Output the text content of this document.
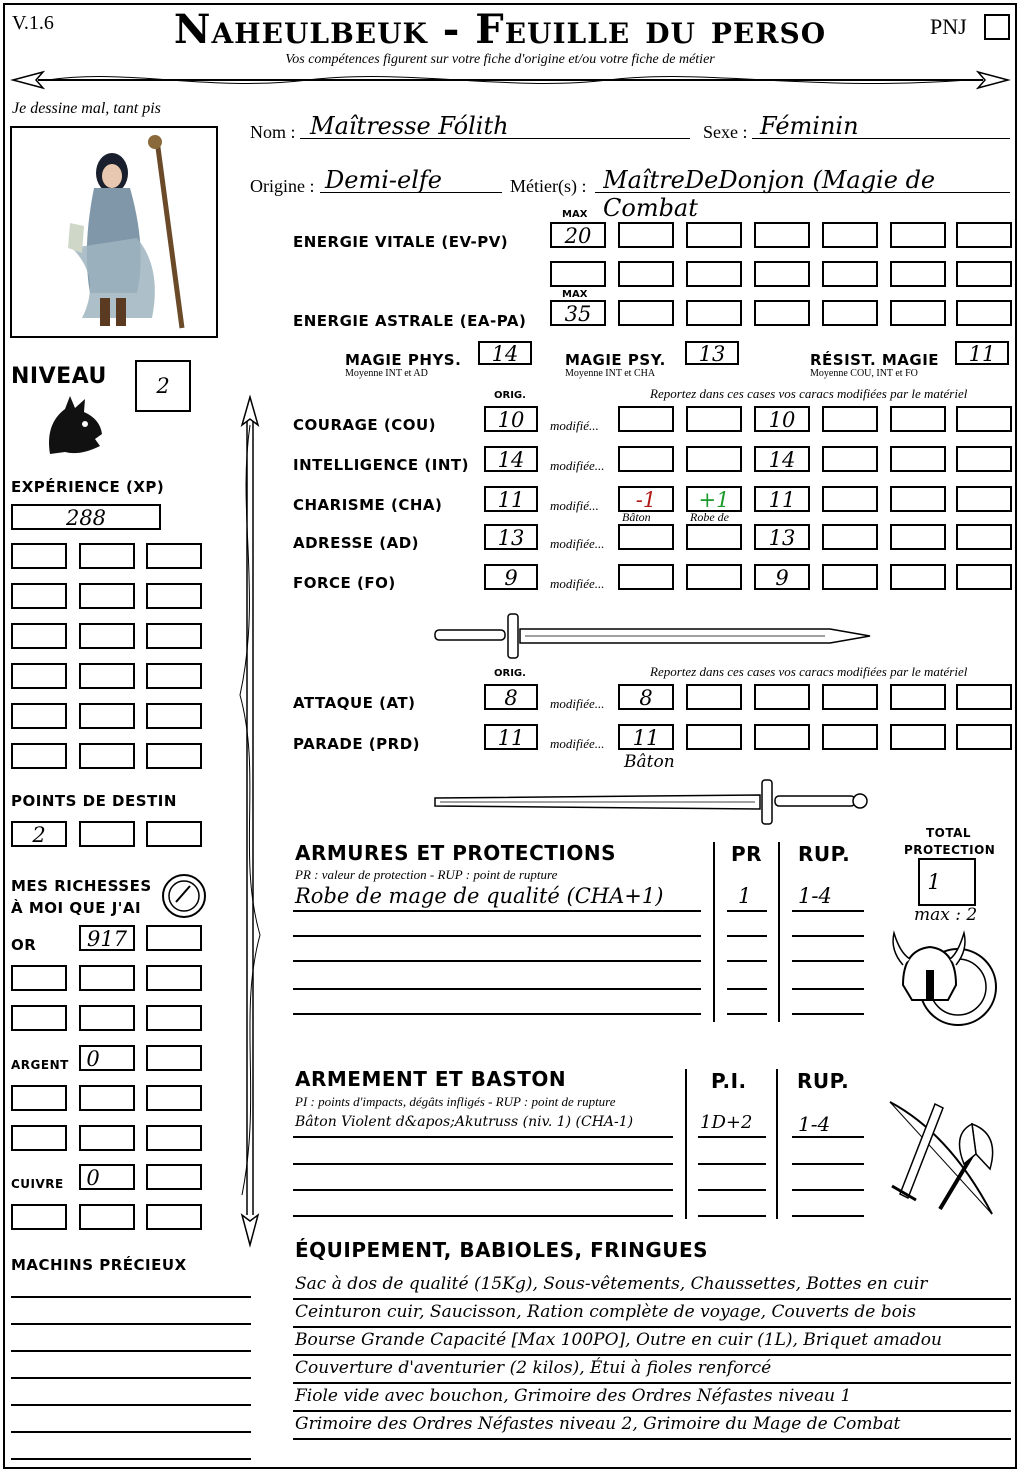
V.1.6	Naheulbeuk - Feuille du perso
Vos compétences figurent sur votre fiche d'origine et/ou votre fiche de métier
PNJ
Je dessine mal, tant pis
Nom : Maîtresse Fólith	Sexe : Féminin
Origine : Demi-elfe	Métier(s) : MaîtreDeDonjon (Magie de Combat
MAX
ENERGIE VITALE (EV-PV)	20
MAX
ENERGIE ASTRALE (EA-PA)	35
MAGIE PHYS.
Moyenne INT et AD
14	MAGIE PSY.
Moyenne INT et CHA
13	RÉSIST. MAGIE
Moyenne COU, INT et FO
11
ORIG.	Reportez dans ces cases vos caracs modifiées par le matériel
ORIG.	Reportez dans ces cases vos caracs modifiées par le matériel
ATTAQUE (AT)	8	modifiée...	8
PARADE (PRD)	11	modifiée...	11
Bâton
NIVEAU	2
EXPÉRIENCE (XP)
288
POINTS DE DESTIN
2
MES RICHESSES
À MOI QUE J'AI
OR 917
ARGENT 0
CUIVRE	0
MACHINS PRÉCIEUX
ARMURES ET PROTECTIONS
PR : valeur de protection - RUP : point de rupture
PR RUP.
TOTAL
PROTECTION
1
max : 2
ARMEMENT ET BASTON
PI : points d'impacts, dégâts infligés - RUP : point de rupture
P.I.	RUP.
ÉQUIPEMENT, BABIOLES, FRINGUES
COURAGE (COU)	10	modifié...	10
INTELLIGENCE (INT)	14	modifiée...	14
CHARISME (CHA)	11	modifié...	-1	+1	11
Bâton	Robe de
ADRESSE (AD)	13	modifiée...	13
FORCE (FO)	9	modifiée...	9
Robe de mage de qualité (CHA+1)	1 1-4
Bâton Violent d&apos;Akutruss (niv. 1) (CHA-1)	1D+2 1-4
Sac à dos de qualité (15Kg), Sous-vêtements, Chaussettes, Bottes en cuir
Ceinturon cuir, Saucisson, Ration complète de voyage, Couverts de bois
Bourse Grande Capacité [Max 100PO], Outre en cuir (1L), Briquet amadou
Couverture d'aventurier (2 kilos), Étui à fioles renforcé
Fiole vide avec bouchon, Grimoire des Ordres Néfastes niveau 1
Grimoire des Ordres Néfastes niveau 2, Grimoire du Mage de Combat
